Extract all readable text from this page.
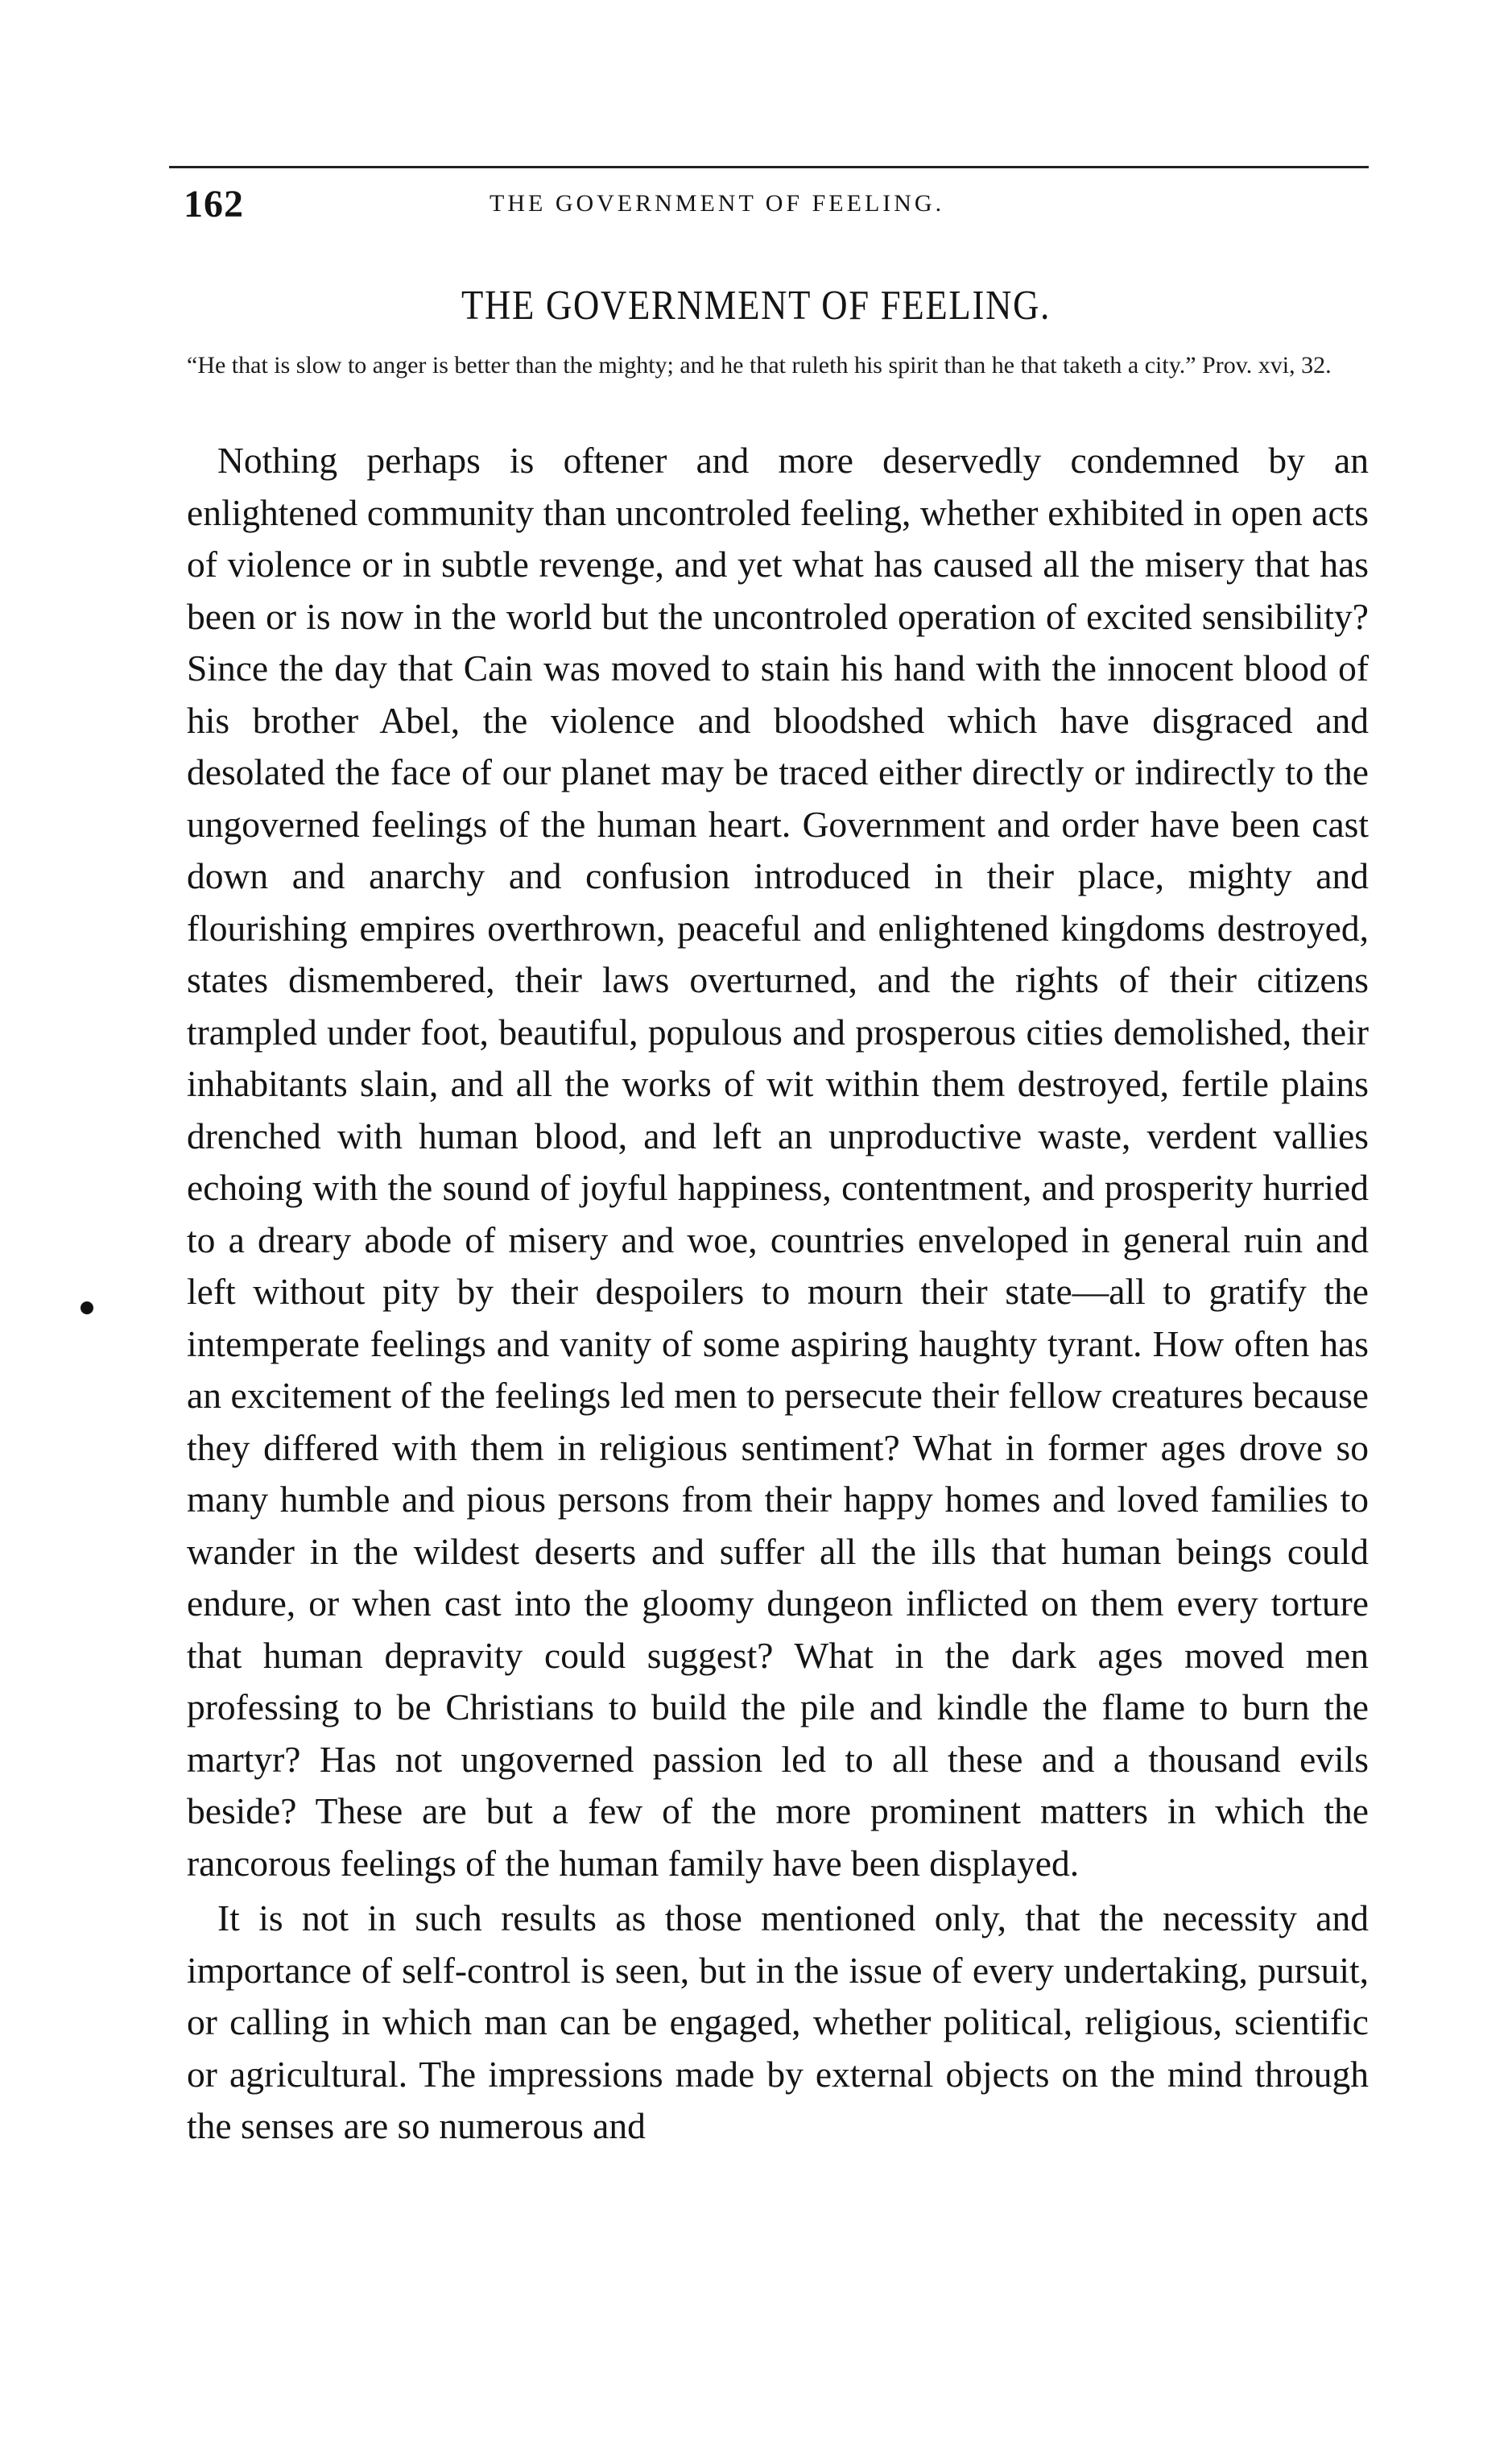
162	THE GOVERNMENT OF FEELING.
THE GOVERNMENT OF FEELING.
“He that is slow to anger is better than the mighty; and he that ruleth his spirit than he that taketh a city.” Prov. xvi, 32.

Nothing perhaps is oftener and more deservedly condemned by an enlightened community than uncontroled feeling, whether exhibited in open acts of violence or in subtle revenge, and yet what has caused all the misery that has been or is now in the world but the uncontroled operation of excited sensibility? Since the day that Cain was moved to stain his hand with the innocent blood of his brother Abel, the violence and bloodshed which have disgraced and desolated the face of our planet may be traced either directly or indirectly to the ungoverned feelings of the human heart. Government and order have been cast down and anarchy and confusion introduced in their place, mighty and flourishing empires overthrown, peaceful and enlightened kingdoms destroyed, states dismembered, their laws overturned, and the rights of their citizens trampled under foot, beautiful, populous and prosperous cities demolished, their inhabitants slain, and all the works of wit within them destroyed, fertile plains drenched with human blood, and left an unproductive waste, verdent vallies echoing with the sound of joyful happiness, contentment, and prosperity hurried to a dreary abode of misery and woe, countries enveloped in general ruin and left without pity by their despoilers to mourn their state—all to gratify the intemperate feelings and vanity of some aspiring haughty tyrant. How often has an excitement of the feelings led men to persecute their fellow creatures because they differed with them in religious sentiment? What in former ages drove so many humble and pious persons from their happy homes and loved families to wander in the wildest deserts and suffer all the ills that human beings could endure, or when cast into the gloomy dungeon inflicted on them every torture that human depravity could suggest? What in the dark ages moved men professing to be Christians to build the pile and kindle the flame to burn the martyr? Has not ungoverned passion led to all these and a thousand evils beside? These are but a few of the more prominent matters in which the rancorous feelings of the human family have been displayed.

It is not in such results as those mentioned only, that the necessity and importance of self-control is seen, but in the issue of every undertaking, pursuit, or calling in which man can be engaged, whether political, religious, scientific or agricultural. The impressions made by external objects on the mind through the senses are so numerous and
